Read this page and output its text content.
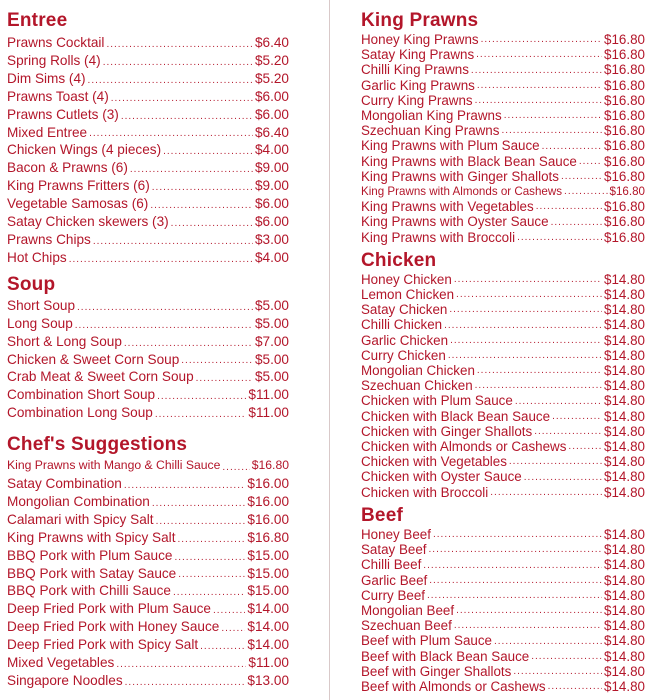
Entree
Prawns Cocktail .....	$6.40
Spring Rolls (4) .....	$5.20
Dim Sims (4) .....	$5.20
Prawns Toast (4) .....	$6.00
Prawns Cutlets (3) .....	$6.00
Mixed Entree .....	$6.40
Chicken Wings (4 pieces) .....	$4.00
Bacon & Prawns (6) .....	$9.00
King Prawns Fritters (6) .....	$9.00
Vegetable Samosas (6) .....	$6.00
Satay Chicken skewers (3) .....	$6.00
Prawns Chips .....	$3.00
Hot Chips .....	$4.00
Soup
Short Soup .....	$5.00
Long Soup .....	$5.00
Short & Long Soup .....	$7.00
Chicken & Sweet Corn Soup .....	$5.00
Crab Meat & Sweet Corn Soup .....	$5.00
Combination Short Soup .....	$11.00
Combination Long Soup .....	$11.00
Chef's Suggestions
King Prawns with Mango & Chilli Sauce .....	$16.80
Satay Combination .....	$16.00
Mongolian Combination .....	$16.00
Calamari with Spicy Salt .....	$16.00
King Prawns with Spicy Salt .....	$16.80
BBQ Pork with Plum Sauce .....	$15.00
BBQ Pork with Satay Sauce .....	$15.00
BBQ Pork with Chilli Sauce .....	$15.00
Deep Fried Pork with Plum Sauce .....	$14.00
Deep Fried Pork with Honey Sauce ..... $14.00
Deep Fried Pork with Spicy Salt .....	$14.00
Mixed Vegetables .....	$11.00
Singapore Noodles .....	$13.00
King Prawns
Honey King Prawns .....	$16.80
Satay King Prawns .....	$16.80
Chilli King Prawns .....	$16.80
Garlic King Prawns .....	$16.80
Curry King Prawns .....	$16.80
Mongolian King Prawns .....	$16.80
Szechuan King Prawns .....	$16.80
King Prawns with Plum Sauce .....	$16.80
King Prawns with Black Bean Sauce ..... $16.80
King Prawns with Ginger Shallots .....	$16.80
King Prawns with Almonds or Cashews .....	$16.80
King Prawns with Vegetables .....	$16.80
King Prawns with Oyster Sauce .....	$16.80
King Prawns with Broccoli .....	$16.80
Chicken
Honey Chicken .....	$14.80
Lemon Chicken .....	$14.80
Satay Chicken .....	$14.80
Chilli Chicken .....	$14.80
Garlic Chicken .....	$14.80
Curry Chicken .....	$14.80
Mongolian Chicken .....	$14.80
Szechuan Chicken .....	$14.80
Chicken with Plum Sauce .....	$14.80
Chicken with Black Bean Sauce .....	$14.80
Chicken with Ginger Shallots .....	$14.80
Chicken with Almonds or Cashews .....	$14.80
Chicken with Vegetables .....	$14.80
Chicken with Oyster Sauce .....	$14.80
Chicken with Broccoli .....	$14.80
Beef
Honey Beef .....	$14.80
Satay Beef .....	$14.80
Chilli Beef .....	$14.80
Garlic Beef .....	$14.80
Curry Beef .....	$14.80
Mongolian Beef .....	$14.80
Szechuan Beef .....	$14.80
Beef with Plum Sauce .....	$14.80
Beef with Black Bean Sauce .....	$14.80
Beef with Ginger Shallots .....	$14.80
Beef with Almonds or Cashews .....	$14.80
